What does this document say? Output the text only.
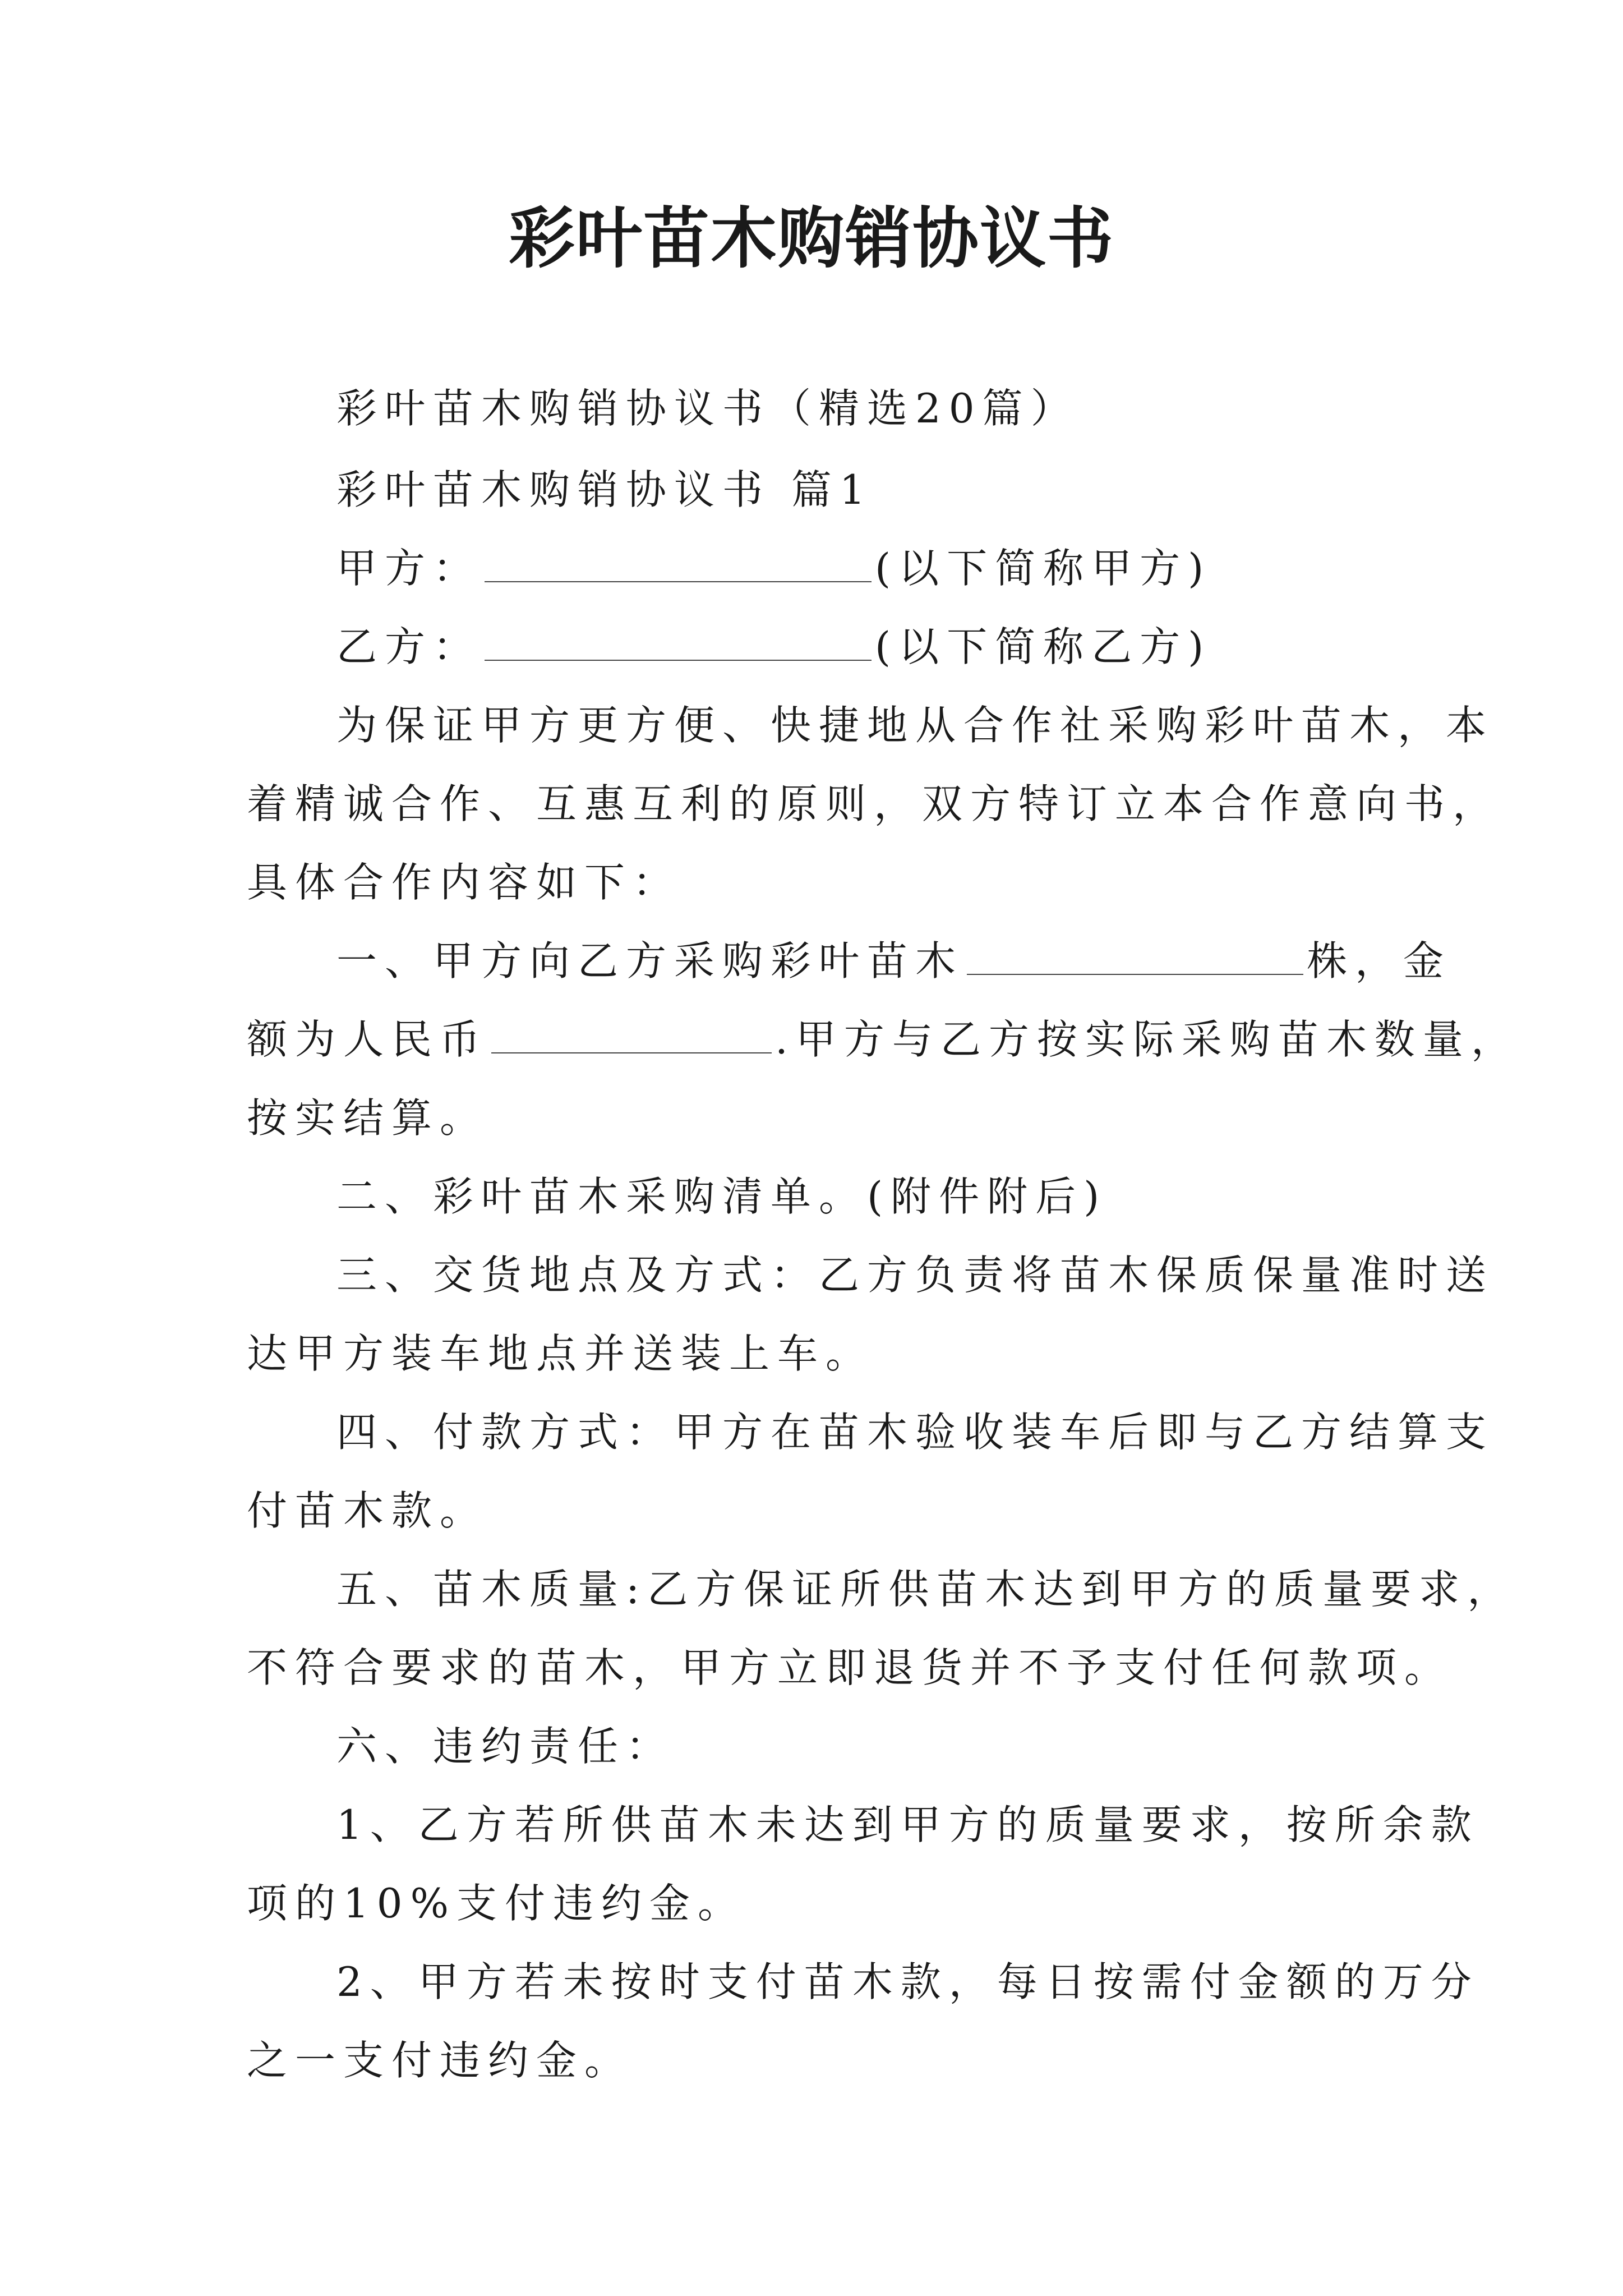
彩叶苗木购销协议书
彩叶苗木购销协议书（精选20篇）
彩叶苗木购销协议书 篇1
甲方：	(以下简称甲方)
乙方：	(以下简称乙方)
为保证甲方更方便、快捷地从合作社采购彩叶苗木，本
着精诚合作、互惠互利的原则，双方特订立本合作意向书，
具体合作内容如下：
一、甲方向乙方采购彩叶苗木	株，金
额为人民币	.甲方与乙方按实际采购苗木数量，
按实结算。
二、彩叶苗木采购清单。(附件附后)
三、交货地点及方式：乙方负责将苗木保质保量准时送
达甲方装车地点并送装上车。
四、付款方式：甲方在苗木验收装车后即与乙方结算支
付苗木款。
五、苗木质量:乙方保证所供苗木达到甲方的质量要求，
不符合要求的苗木，甲方立即退货并不予支付任何款项。
六、违约责任：
1、乙方若所供苗木未达到甲方的质量要求，按所余款
项的10%支付违约金。
2、甲方若未按时支付苗木款，每日按需付金额的万分
之一支付违约金。
